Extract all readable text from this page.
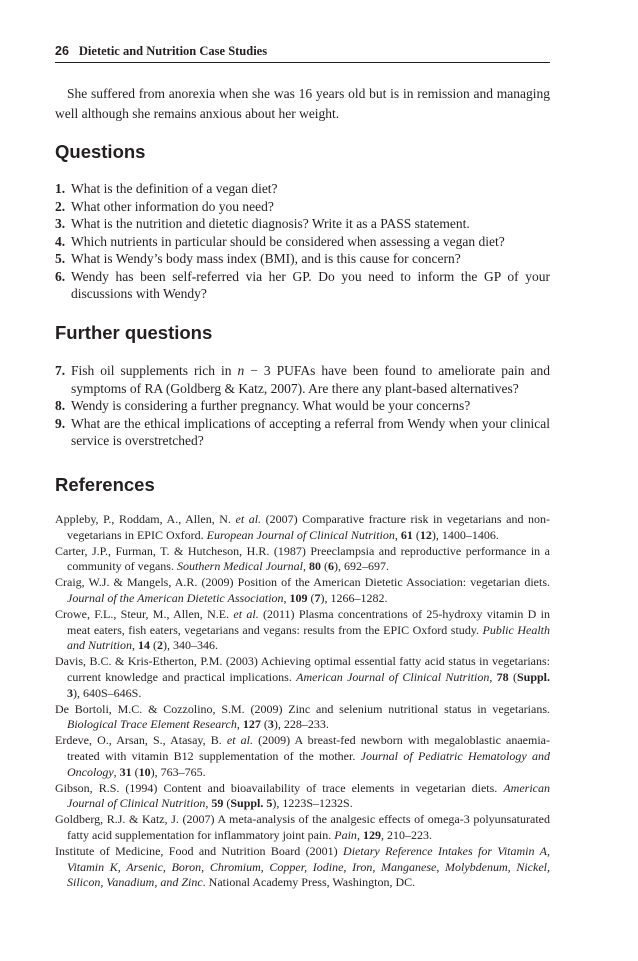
26 Dietetic and Nutrition Case Studies

She suffered from anorexia when she was 16 years old but is in remission and managing well although she remains anxious about her weight.

Questions
1. What is the definition of a vegan diet?
2. What other information do you need?
3. What is the nutrition and dietetic diagnosis? Write it as a PASS statement.
4. Which nutrients in particular should be considered when assessing a vegan diet?
5. What is Wendy’s body mass index (BMI), and is this cause for concern?
6. Wendy has been self-referred via her GP. Do you need to inform the GP of your discussions with Wendy?
Further questions
7. Fish oil supplements rich in n − 3 PUFAs have been found to ameliorate pain and symptoms of RA (Goldberg & Katz, 2007). Are there any plant-based alternatives?
8. Wendy is considering a further pregnancy. What would be your concerns?
9. What are the ethical implications of accepting a referral from Wendy when your clinical service is overstretched?
References
Appleby, P., Roddam, A., Allen, N. et al. (2007) Comparative fracture risk in vegetarians and non-vegetarians in EPIC Oxford. European Journal of Clinical Nutrition, 61 (12), 1400–1406.
Carter, J.P., Furman, T. & Hutcheson, H.R. (1987) Preeclampsia and reproductive performance in a community of vegans. Southern Medical Journal, 80 (6), 692–697.
Craig, W.J. & Mangels, A.R. (2009) Position of the American Dietetic Association: vegetarian diets. Journal of the American Dietetic Association, 109 (7), 1266–1282.
Crowe, F.L., Steur, M., Allen, N.E. et al. (2011) Plasma concentrations of 25-hydroxy vitamin D in meat eaters, fish eaters, vegetarians and vegans: results from the EPIC Oxford study. Public Health and Nutrition, 14 (2), 340–346.
Davis, B.C. & Kris-Etherton, P.M. (2003) Achieving optimal essential fatty acid status in vegetarians: current knowledge and practical implications. American Journal of Clinical Nutrition, 78 (Suppl. 3), 640S–646S.
De Bortoli, M.C. & Cozzolino, S.M. (2009) Zinc and selenium nutritional status in vegetarians. Biological Trace Element Research, 127 (3), 228–233.
Erdeve, O., Arsan, S., Atasay, B. et al. (2009) A breast-fed newborn with megaloblastic anaemia-treated with vitamin B12 supplementation of the mother. Journal of Pediatric Hematology and Oncology, 31 (10), 763–765.
Gibson, R.S. (1994) Content and bioavailability of trace elements in vegetarian diets. American Journal of Clinical Nutrition, 59 (Suppl. 5), 1223S–1232S.
Goldberg, R.J. & Katz, J. (2007) A meta-analysis of the analgesic effects of omega-3 polyunsaturated fatty acid supplementation for inflammatory joint pain. Pain, 129, 210–223.
Institute of Medicine, Food and Nutrition Board (2001) Dietary Reference Intakes for Vitamin A, Vitamin K, Arsenic, Boron, Chromium, Copper, Iodine, Iron, Manganese, Molybdenum, Nickel, Silicon, Vanadium, and Zinc. National Academy Press, Washington, DC.
